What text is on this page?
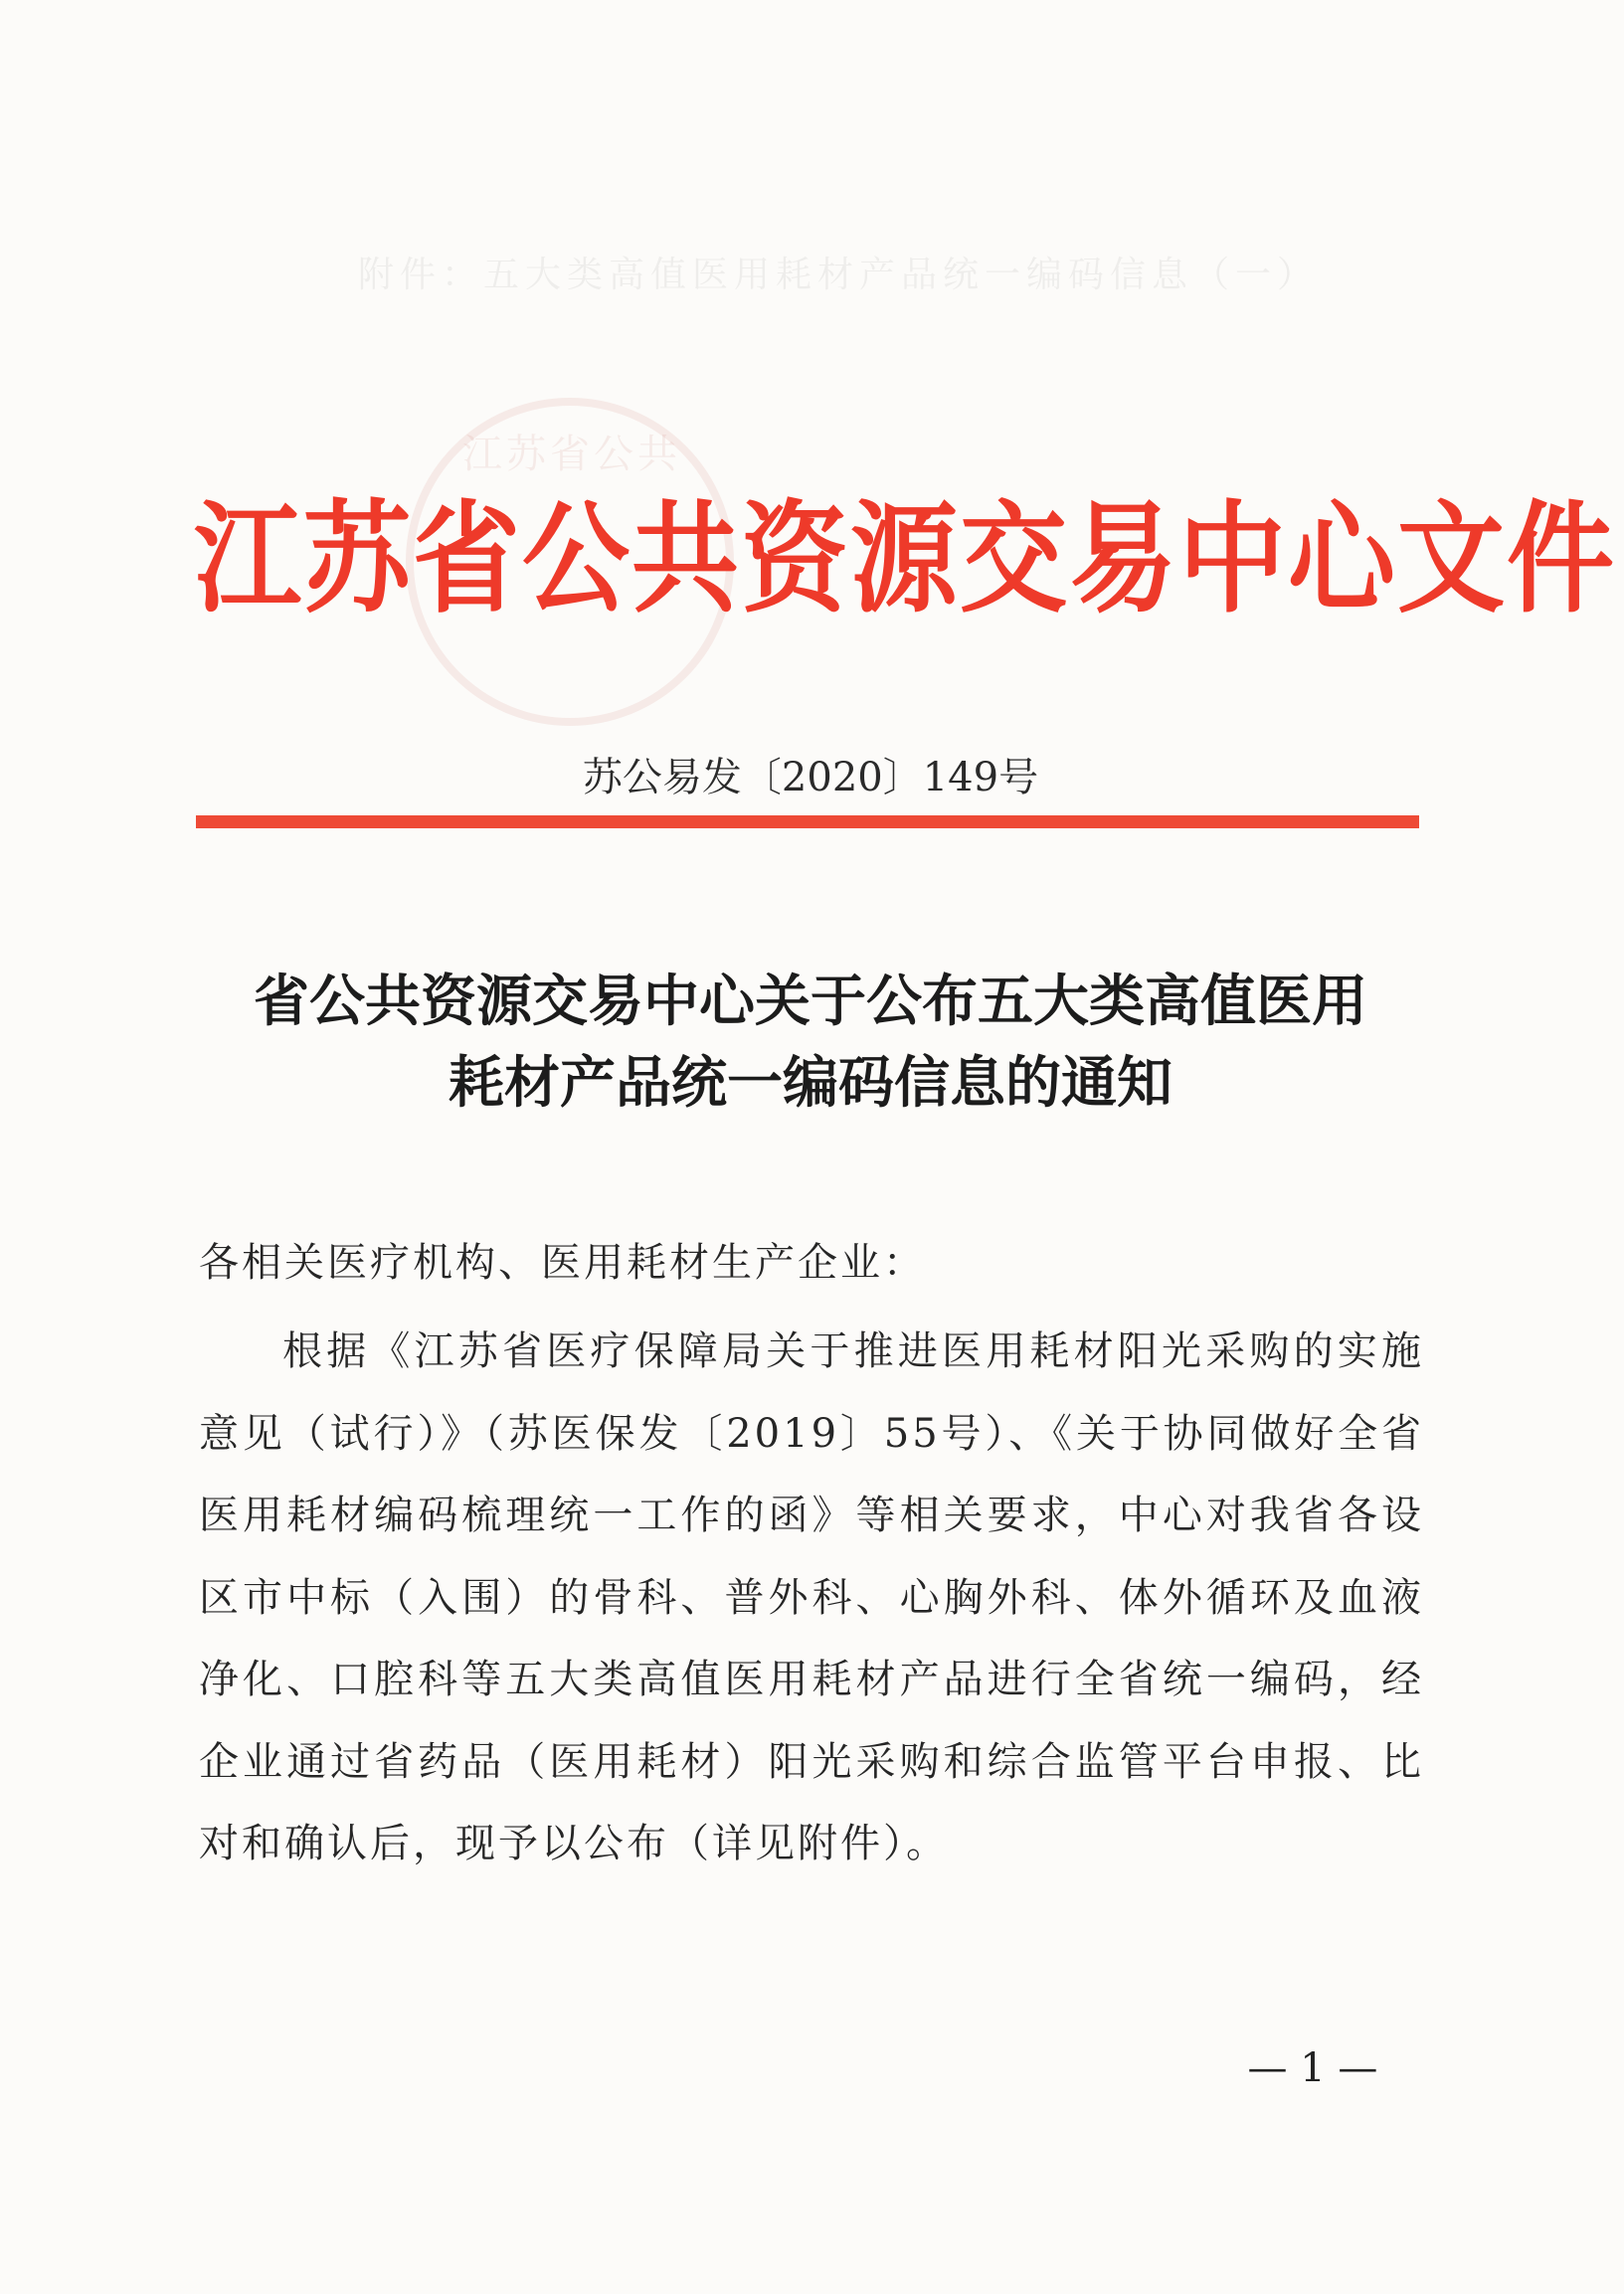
附件：五大类高值医用耗材产品统一编码信息（一）
江苏省公共
江苏省公共资源交易中心文件
苏公易发〔2020〕149号
省公共资源交易中心关于公布五大类高值医用
耗材产品统一编码信息的通知
各相关医疗机构、医用耗材生产企业：
根据《江苏省医疗保障局关于推进医用耗材阳光采购的实施意见（试行）》（苏医保发〔2019〕55号）、《关于协同做好全省医用耗材编码梳理统一工作的函》等相关要求，中心对我省各设区市中标（入围）的骨科、普外科、心胸外科、体外循环及血液净化、口腔科等五大类高值医用耗材产品进行全省统一编码，经企业通过省药品（医用耗材）阳光采购和综合监管平台申报、比对和确认后，现予以公布（详见附件）。
— 1 —
